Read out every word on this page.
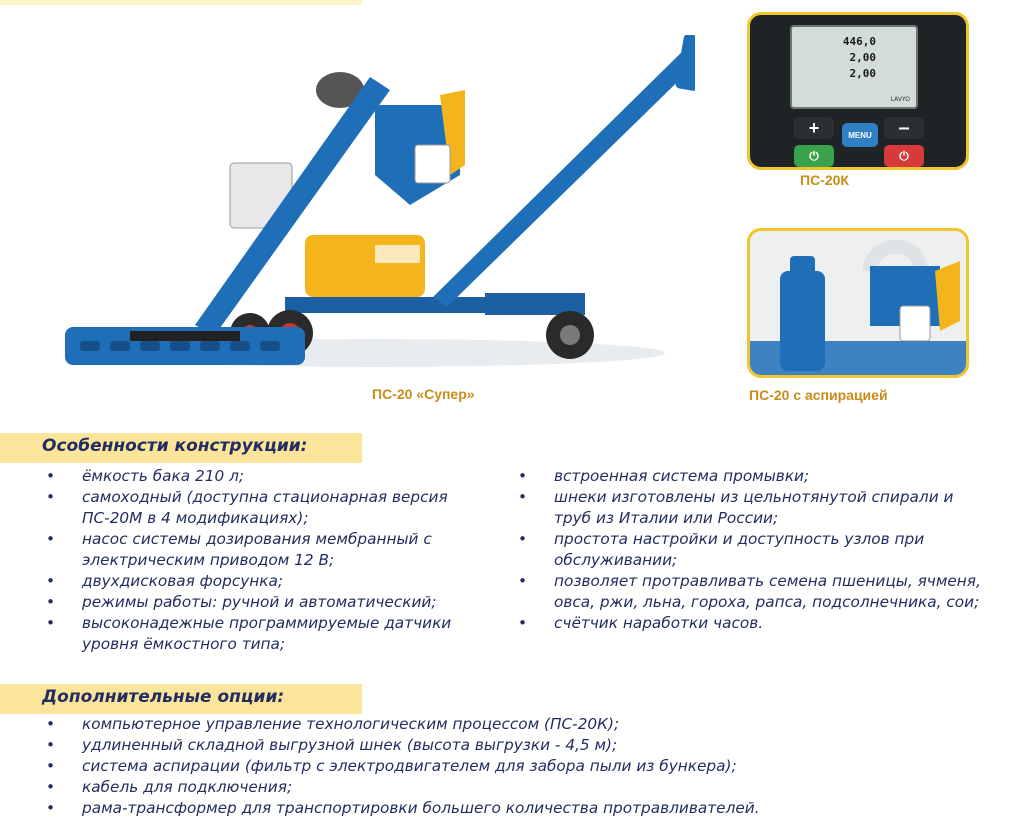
ПС-20 «Супер»
446,0
2,00
2,00
LAVYO
+	MENU	–
⏻	⏻
ПС-20К
ПС-20 с аспирацией
Особенности конструкции:
• ёмкость бака 210 л;
• самоходный (доступна стационарная версия ПС-20М в 4 модификациях);
• насос системы дозирования мембранный с электрическим приводом 12 В;
• двухдисковая форсунка;
• режимы работы: ручной и автоматический;
• высоконадежные программируемые датчики уровня ёмкостного типа;
• встроенная система промывки;
• шнеки изготовлены из цельнотянутой спирали и труб из Италии или России;
• простота настройки и доступность узлов при обслуживании;
• позволяет протравливать семена пшеницы, ячменя, овса, ржи, льна, гороха, рапса, подсолнечника, сои;
• счётчик наработки часов.
Дополнительные опции:
• компьютерное управление технологическим процессом (ПС-20К);
• удлиненный складной выгрузной шнек (высота выгрузки - 4,5 м);
• система аспирации (фильтр с электродвигателем для забора пыли из бункера);
• кабель для подключения;
• рама-трансформер для транспортировки большего количества протравливателей.
